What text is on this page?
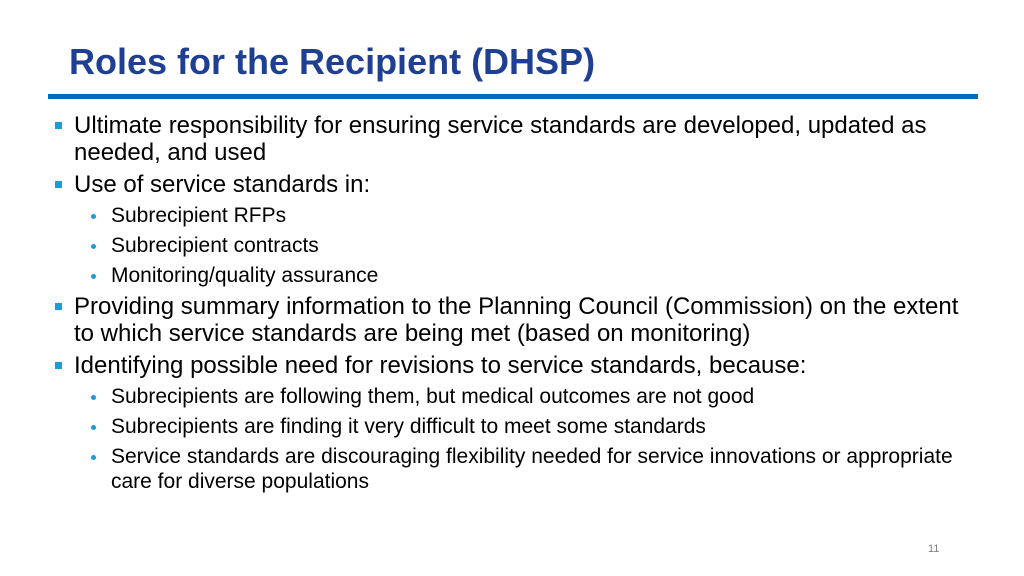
Roles for the Recipient (DHSP)
Ultimate responsibility for ensuring service standards are developed, updated as needed, and used
Use of service standards in:
Subrecipient RFPs
Subrecipient contracts
Monitoring/quality assurance
Providing summary information to the Planning Council (Commission) on the extent to which service standards are being met (based on monitoring)
Identifying possible need for revisions to service standards, because:
Subrecipients are following them, but medical outcomes are not good
Subrecipients are finding it very difficult to meet some standards
Service standards are discouraging flexibility needed for service innovations or appropriate care for diverse populations
11
